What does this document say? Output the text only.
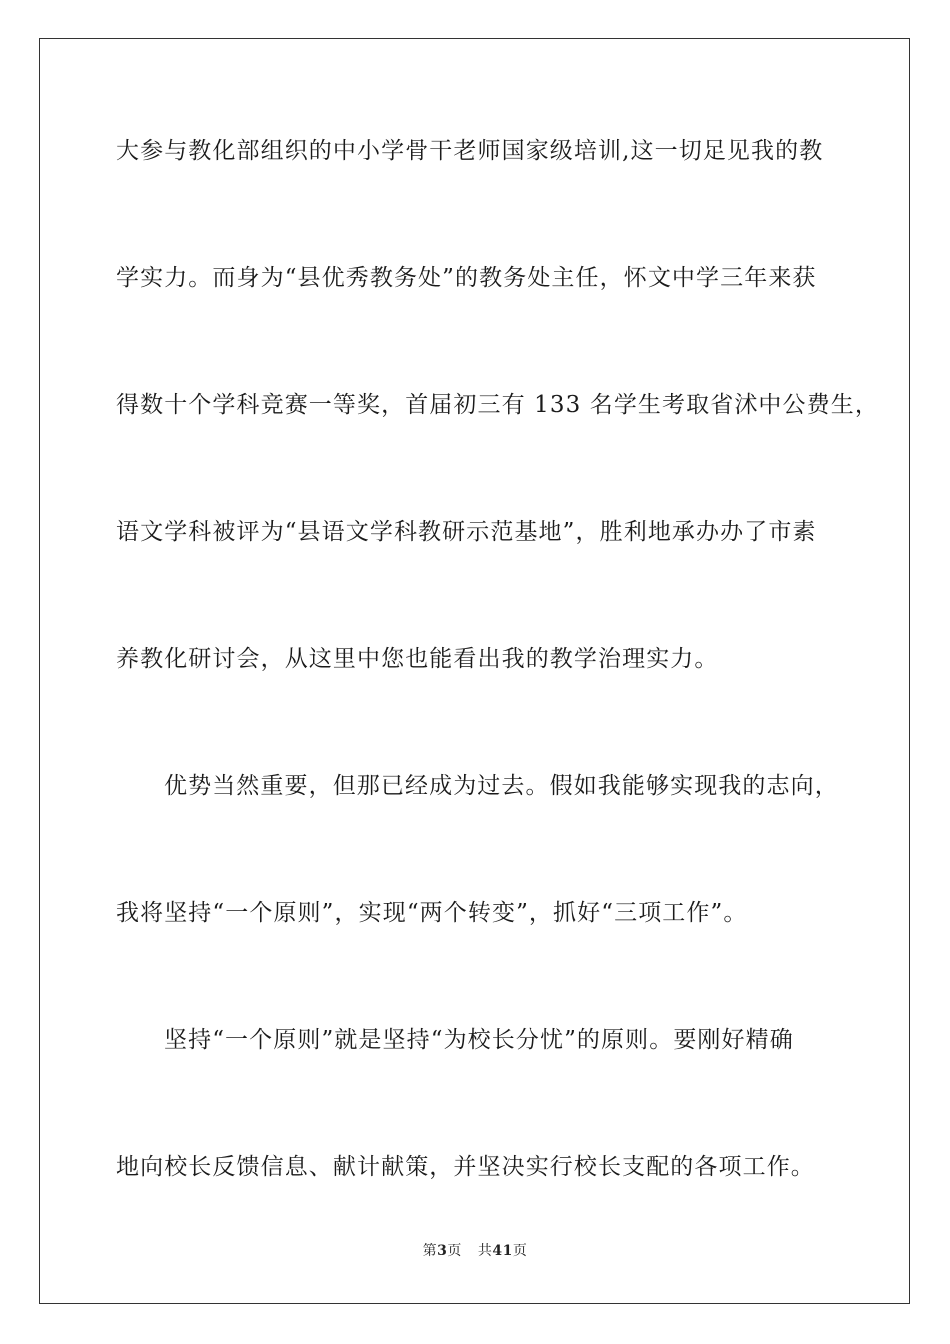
大参与教化部组织的中小学骨干老师国家级培训,这一切足见我的教
学实力。而身为“县优秀教务处”的教务处主任，怀文中学三年来获
得数十个学科竞赛一等奖，首届初三有 133 名学生考取省沭中公费生，
语文学科被评为“县语文学科教研示范基地”，胜利地承办办了市素
养教化研讨会，从这里中您也能看出我的教学治理实力。
优势当然重要，但那已经成为过去。假如我能够实现我的志向，
我将坚持“一个原则”，实现“两个转变”，抓好“三项工作”。
坚持“一个原则”就是坚持“为校长分忧”的原则。要刚好精确
地向校长反馈信息、献计献策，并坚决实行校长支配的各项工作。
第3页 共41页
